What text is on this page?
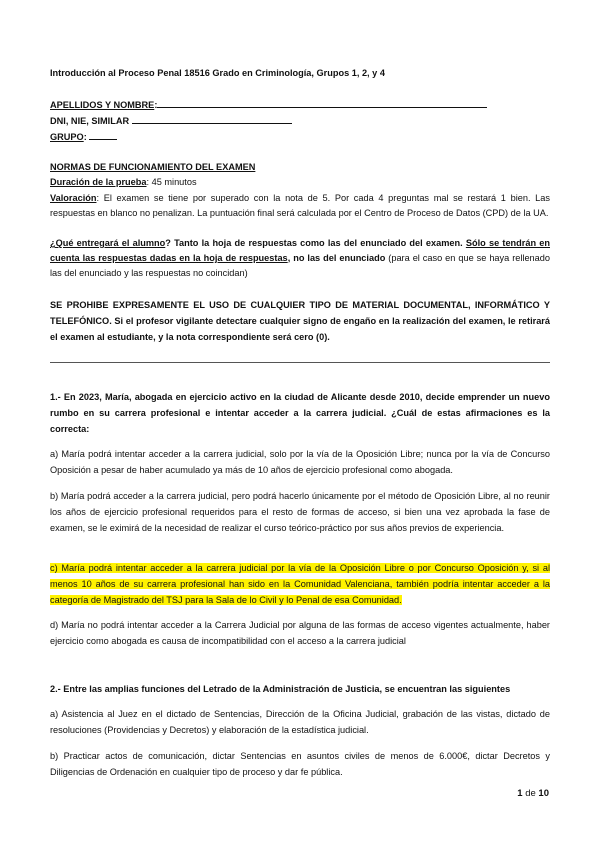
Introducción al Proceso Penal 18516 Grado en Criminología, Grupos 1, 2, y 4

APELLIDOS Y NOMBRE:

DNI, NIE, SIMILAR

GRUPO:

NORMAS DE FUNCIONAMIENTO DEL EXAMEN

Duración de la prueba: 45 minutos

Valoración: El examen se tiene por superado con la nota de 5. Por cada 4 preguntas mal se restará 1 bien. Las respuestas en blanco no penalizan. La puntuación final será calculada por el Centro de Proceso de Datos (CPD) de la UA.

¿Qué entregará el alumno? Tanto la hoja de respuestas como las del enunciado del examen. Sólo se tendrán en cuenta las respuestas dadas en la hoja de respuestas, no las del enunciado (para el caso en que se haya rellenado las del enunciado y las respuestas no coincidan)

SE PROHIBE EXPRESAMENTE EL USO DE CUALQUIER TIPO DE MATERIAL DOCUMENTAL, INFORMÁTICO Y TELEFÓNICO. Si el profesor vigilante detectare cualquier signo de engaño en la realización del examen, le retirará el examen al estudiante, y la nota correspondiente será cero (0).

1.- En 2023, María, abogada en ejercicio activo en la ciudad de Alicante desde 2010, decide emprender un nuevo rumbo en su carrera profesional e intentar acceder a la carrera judicial. ¿Cuál de estas afirmaciones es la correcta:

a) María podrá intentar acceder a la carrera judicial, solo por la vía de la Oposición Libre; nunca por la vía de Concurso Oposición a pesar de haber acumulado ya más de 10 años de ejercicio profesional como abogada.

b) María podrá acceder a la carrera judicial, pero podrá hacerlo únicamente por el método de Oposición Libre, al no reunir los años de ejercicio profesional requeridos para el resto de formas de acceso, si bien una vez aprobada la fase de examen, se le eximirá de la necesidad de realizar el curso teórico-práctico por sus años previos de experiencia.

c) María podrá intentar acceder a la carrera judicial por la vía de la Oposición Libre o por Concurso Oposición y, si al menos 10 años de su carrera profesional han sido en la Comunidad Valenciana, también podría intentar acceder a la categoría de Magistrado del TSJ para la Sala de lo Civil y lo Penal de esa Comunidad.

d) María no podrá intentar acceder a la Carrera Judicial por alguna de las formas de acceso vigentes actualmente, haber ejercicio como abogada es causa de incompatibilidad con el acceso a la carrera judicial

2.- Entre las amplias funciones del Letrado de la Administración de Justicia, se encuentran las siguientes

a) Asistencia al Juez en el dictado de Sentencias, Dirección de la Oficina Judicial, grabación de las vistas, dictado de resoluciones (Providencias y Decretos) y elaboración de la estadística judicial.

b) Practicar actos de comunicación, dictar Sentencias en asuntos civiles de menos de 6.000€, dictar Decretos y Diligencias de Ordenación en cualquier tipo de proceso y dar fe pública.

1 de 10
